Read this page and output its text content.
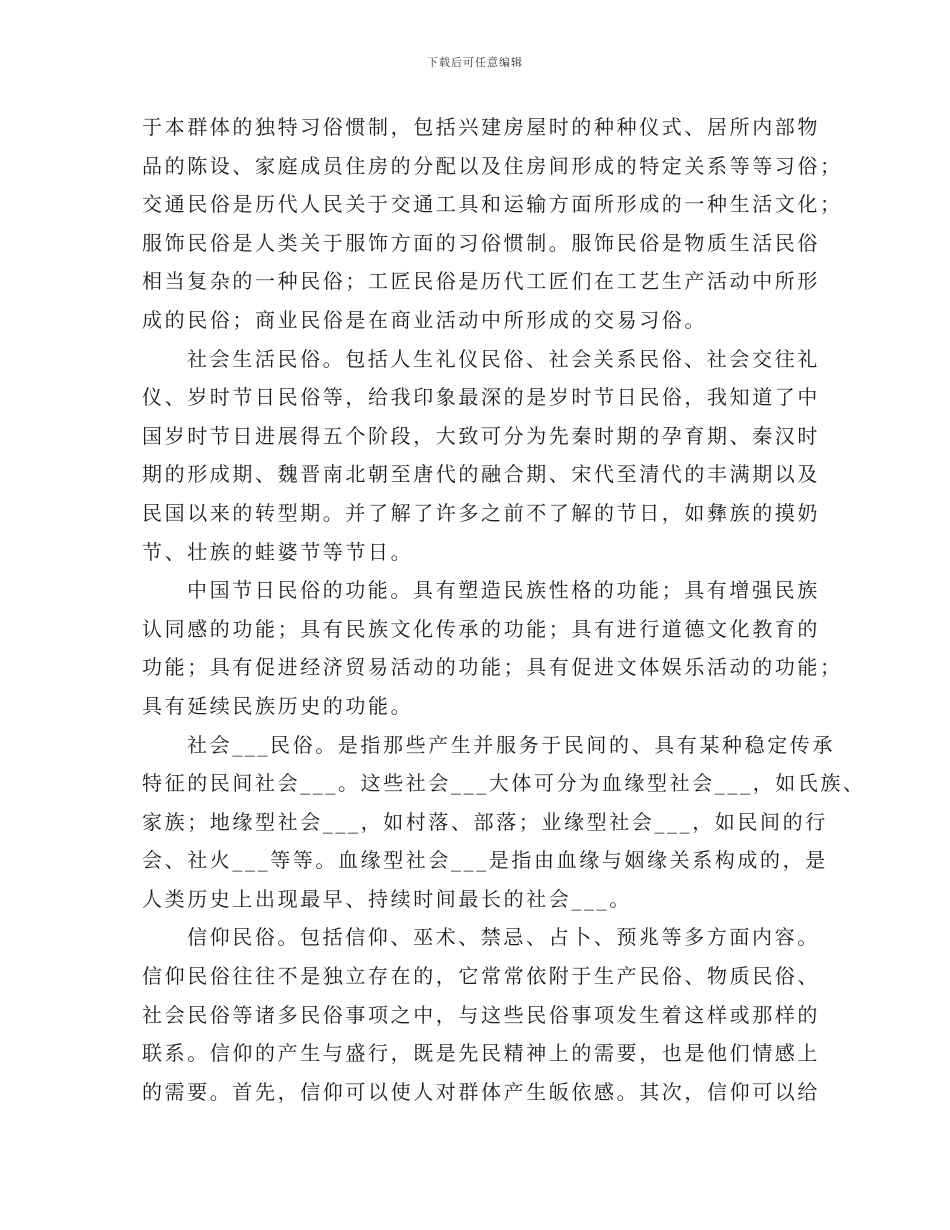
下载后可任意编辑

于本群体的独特习俗惯制，包括兴建房屋时的种种仪式、居所内部物
品的陈设、家庭成员住房的分配以及住房间形成的特定关系等等习俗；
交通民俗是历代人民关于交通工具和运输方面所形成的一种生活文化；
服饰民俗是人类关于服饰方面的习俗惯制。服饰民俗是物质生活民俗
相当复杂的一种民俗；工匠民俗是历代工匠们在工艺生产活动中所形
成的民俗；商业民俗是在商业活动中所形成的交易习俗。

社会生活民俗。包括人生礼仪民俗、社会关系民俗、社会交往礼
仪、岁时节日民俗等，给我印象最深的是岁时节日民俗，我知道了中
国岁时节日进展得五个阶段，大致可分为先秦时期的孕育期、秦汉时
期的形成期、魏晋南北朝至唐代的融合期、宋代至清代的丰满期以及
民国以来的转型期。并了解了许多之前不了解的节日，如彝族的摸奶
节、壮族的蛙婆节等节日。

中国节日民俗的功能。具有塑造民族性格的功能；具有增强民族
认同感的功能；具有民族文化传承的功能；具有进行道德文化教育的
功能；具有促进经济贸易活动的功能；具有促进文体娱乐活动的功能；
具有延续民族历史的功能。

社会___民俗。是指那些产生并服务于民间的、具有某种稳定传承
特征的民间社会___。这些社会___大体可分为血缘型社会___，如氏族、
家族；地缘型社会___，如村落、部落；业缘型社会___，如民间的行
会、社火___等等。血缘型社会___是指由血缘与姻缘关系构成的，是
人类历史上出现最早、持续时间最长的社会___。

信仰民俗。包括信仰、巫术、禁忌、占卜、预兆等多方面内容。
信仰民俗往往不是独立存在的，它常常依附于生产民俗、物质民俗、
社会民俗等诸多民俗事项之中，与这些民俗事项发生着这样或那样的
联系。信仰的产生与盛行，既是先民精神上的需要，也是他们情感上
的需要。首先，信仰可以使人对群体产生皈依感。其次，信仰可以给
